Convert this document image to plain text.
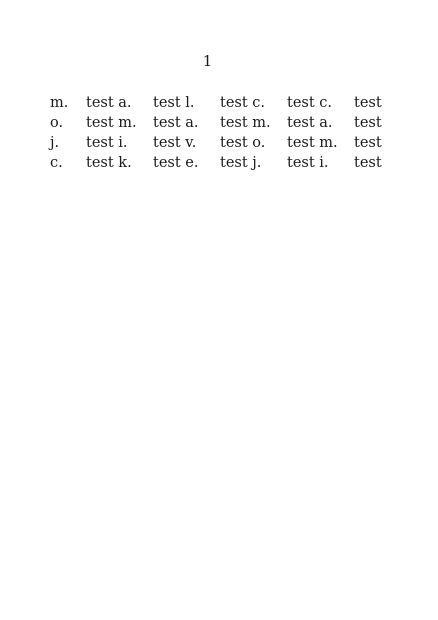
1
m.	test a.	test l.	test c.	test c.	test
o.	test m.	test a.	test m.	test a.	test
j.	test i.	test v.	test o.	test m.	test
c.	test k.	test e.	test j.	test i.	test
